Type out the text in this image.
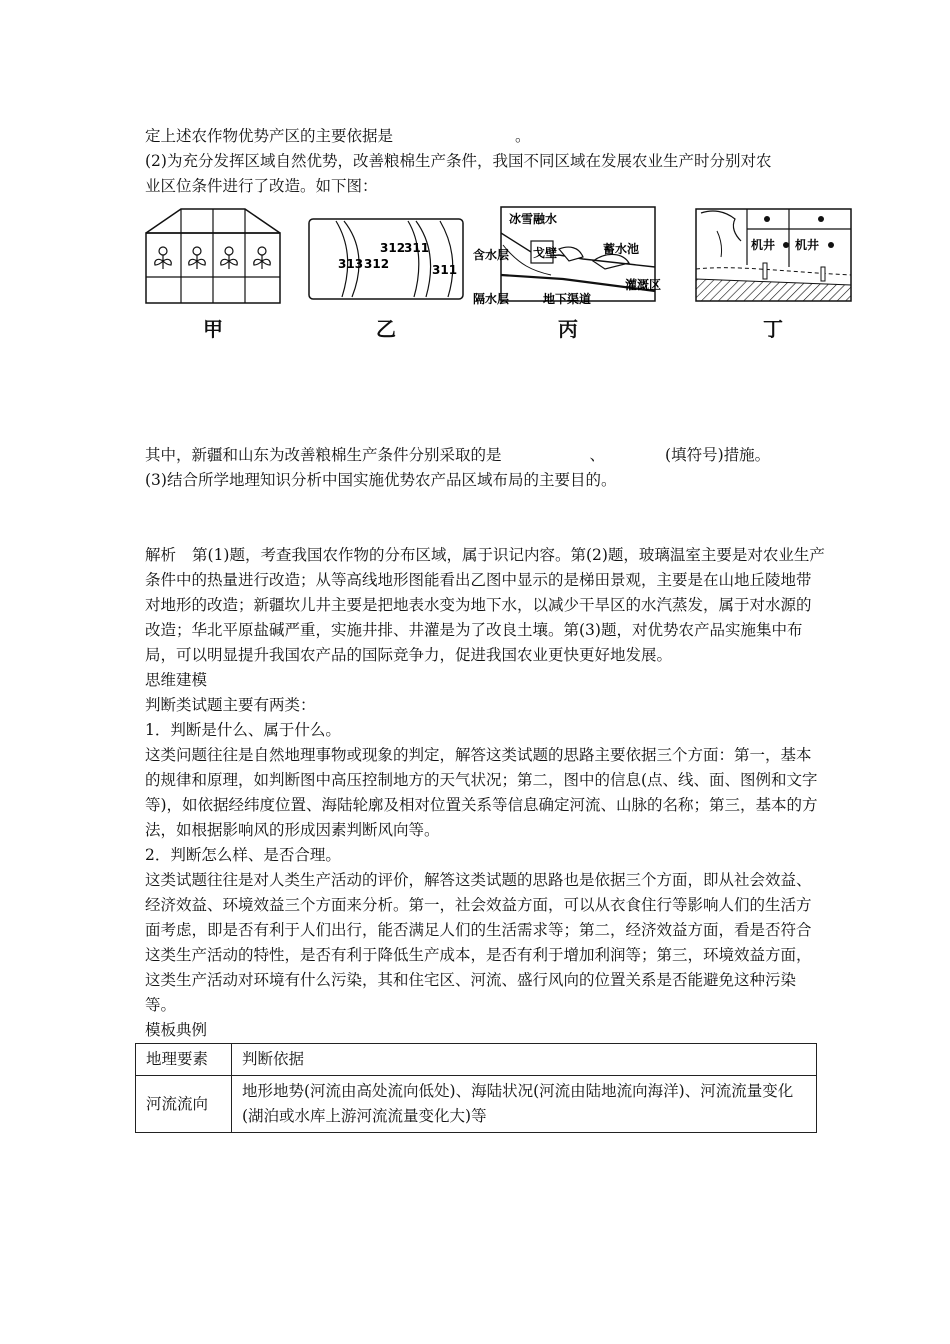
定上述农作物优势产区的主要依据是	。

(2)为充分发挥区域自然优势，改善粮棉生产条件，我国不同区域在发展农业生产时分别对农

业区位条件进行了改造。如下图：

甲
313 312
312
311
311
乙
冰雪融水
含水层 戈壁	蓄水池
灌溉区
隔水层	地下渠道
丙
机井 机井
丁

其中，新疆和山东为改善粮棉生产条件分别采取的是	、	(填符号)措施。

(3)结合所学地理知识分析中国实施优势农产品区域布局的主要目的。

解析 第(1)题，考查我国农作物的分布区域，属于识记内容。第(2)题，玻璃温室主要是对农业生产条件中的热量进行改造；从等高线地形图能看出乙图中显示的是梯田景观，主要是在山地丘陵地带对地形的改造；新疆坎儿井主要是把地表水变为地下水，以减少干旱区的水汽蒸发，属于对水源的改造；华北平原盐碱严重，实施井排、井灌是为了改良土壤。第(3)题，对优势农产品实施集中布局，可以明显提升我国农产品的国际竞争力，促进我国农业更快更好地发展。

思维建模

判断类试题主要有两类：

1．判断是什么、属于什么。

这类问题往往是自然地理事物或现象的判定，解答这类试题的思路主要依据三个方面：第一，基本的规律和原理，如判断图中高压控制地方的天气状况；第二，图中的信息(点、线、面、图例和文字等)，如依据经纬度位置、海陆轮廓及相对位置关系等信息确定河流、山脉的名称；第三，基本的方法，如根据影响风的形成因素判断风向等。

2．判断怎么样、是否合理。

这类试题往往是对人类生产活动的评价，解答这类试题的思路也是依据三个方面，即从社会效益、经济效益、环境效益三个方面来分析。第一，社会效益方面，可以从衣食住行等影响人们的生活方面考虑，即是否有利于人们出行，能否满足人们的生活需求等；第二，经济效益方面，看是否符合这类生产活动的特性，是否有利于降低生产成本，是否有利于增加利润等；第三，环境效益方面，这类生产活动对环境有什么污染，其和住宅区、河流、盛行风向的位置关系是否能避免这种污染等。

模板典例

地理要素	判断依据
河流流向	地形地势(河流由高处流向低处)、海陆状况(河流由陆地流向海洋)、河流流量变化(湖泊或水库上游河流流量变化大)等
